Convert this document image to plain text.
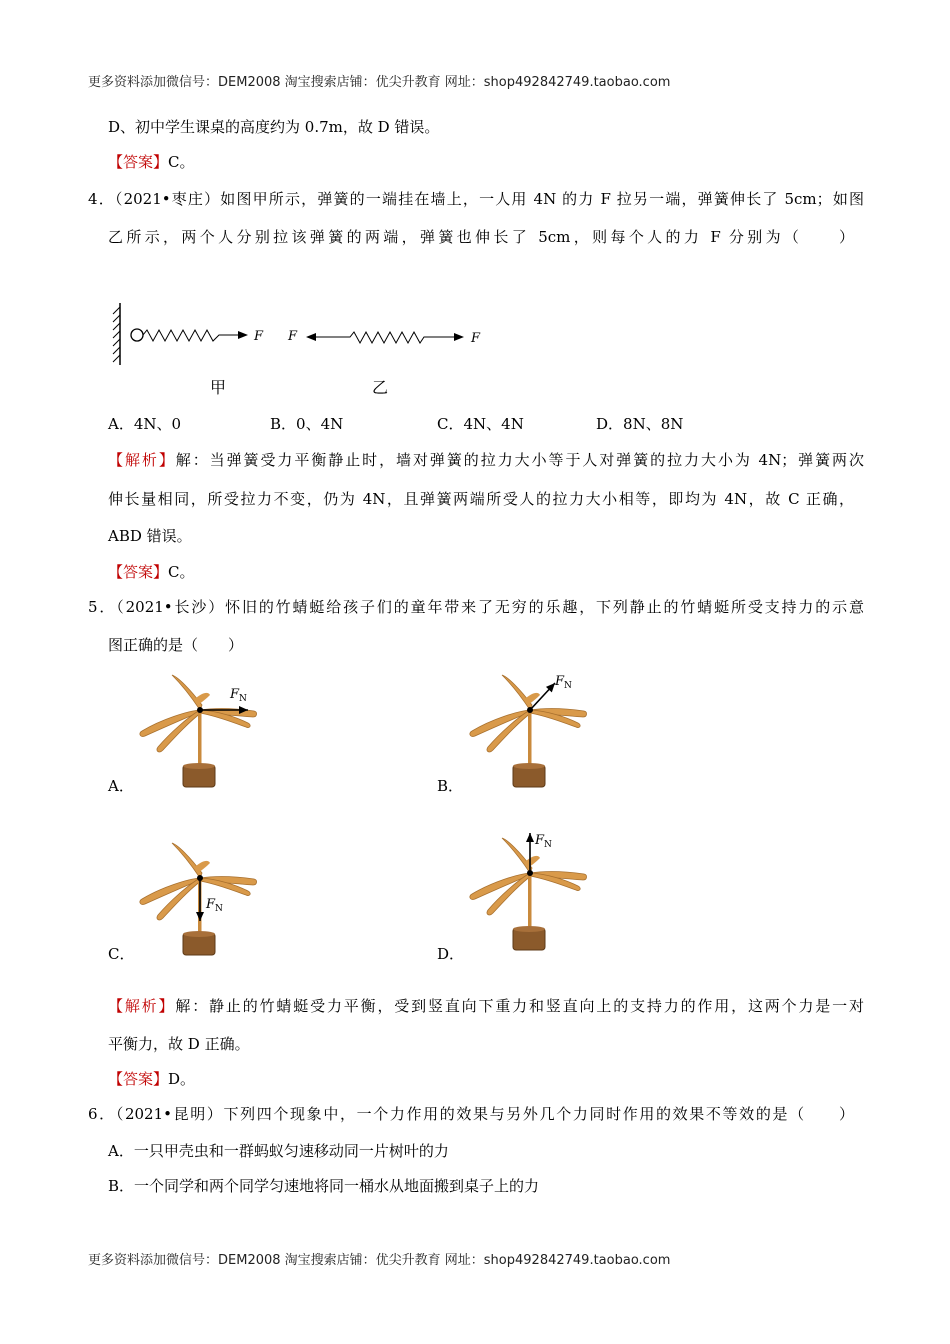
更多资料添加微信号：DEM2008 淘宝搜索店铺：优尖升教育 网址：shop492842749.taobao.com
D、初中学生课桌的高度约为 0.7m，故 D 错误。
【答案】C。
4．（2021•枣庄）如图甲所示，弹簧的一端挂在墙上，一人用 4N 的力 F 拉另一端，弹簧伸长了 5cm；如图
乙所示，两个人分别拉该弹簧的两端，弹簧也伸长了 5cm，则每个人的力 F 分别为（　　）
F F	F
甲	乙
A．4N、0	B．0、4N	C．4N、4N	D．8N、8N
【解析】解：当弹簧受力平衡静止时，墙对弹簧的拉力大小等于人对弹簧的拉力大小为 4N；弹簧两次
伸长量相同，所受拉力不变，仍为 4N，且弹簧两端所受人的拉力大小相等，即均为 4N，故 C 正确，
ABD 错误。
【答案】C。
5．（2021•长沙）怀旧的竹蜻蜓给孩子们的童年带来了无穷的乐趣，下列静止的竹蜻蜓所受支持力的示意
图正确的是（　　）
$F_N$
$F_N$
$F_N$
$F_N$
A．	B．
C．	D．
【解析】解：静止的竹蜻蜓受力平衡，受到竖直向下重力和竖直向上的支持力的作用，这两个力是一对
平衡力，故 D 正确。
【答案】D。
6．（2021•昆明）下列四个现象中，一个力作用的效果与另外几个力同时作用的效果不等效的是（　　）
A．一只甲壳虫和一群蚂蚁匀速移动同一片树叶的力
B．一个同学和两个同学匀速地将同一桶水从地面搬到桌子上的力
更多资料添加微信号：DEM2008 淘宝搜索店铺：优尖升教育 网址：shop492842749.taobao.com
